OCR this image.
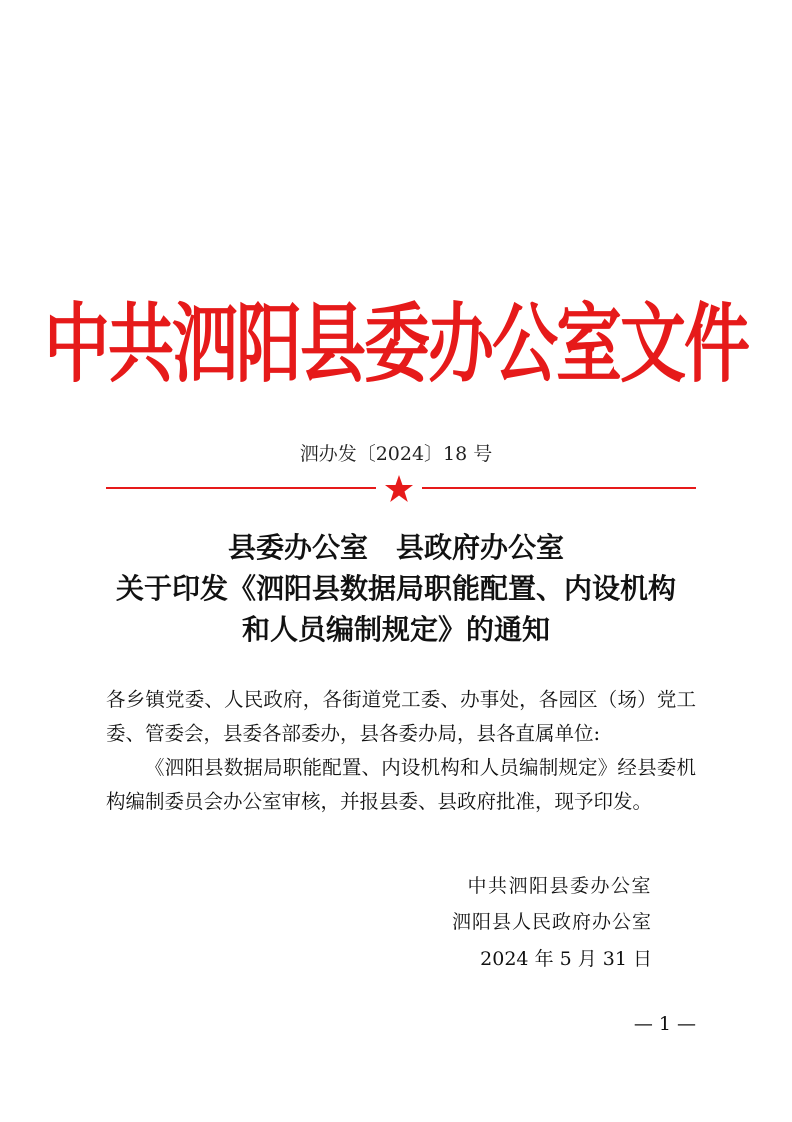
中共泗阳县委办公室文件
泗办发〔2024〕18 号
县委办公室　县政府办公室
关于印发《泗阳县数据局职能配置、内设机构
和人员编制规定》的通知

各乡镇党委、人民政府，各街道党工委、办事处，各园区（场）党工委、管委会，县委各部委办，县各委办局，县各直属单位:

《泗阳县数据局职能配置、内设机构和人员编制规定》经县委机构编制委员会办公室审核，并报县委、县政府批准，现予印发。

中共泗阳县委办公室
泗阳县人民政府办公室
2024 年 5 月 31 日
— 1 —
